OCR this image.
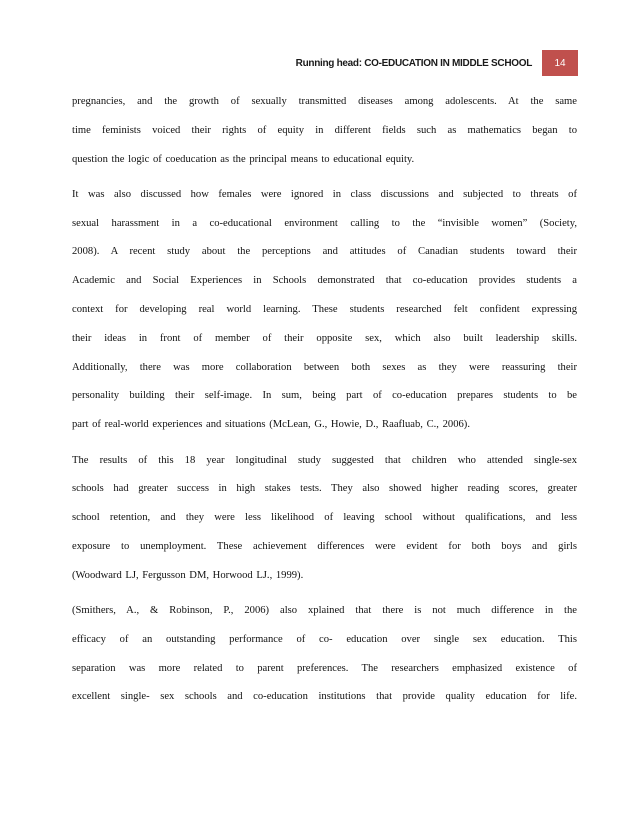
Running head: CO-EDUCATION IN MIDDLE SCHOOL	14
pregnancies, and the growth of sexually transmitted diseases among adolescents. At the same
time feminists voiced their rights of equity in different fields such as mathematics began to
question the logic of coeducation as the principal means to educational equity.
It was also discussed how females were ignored in class discussions and subjected to threats of
sexual harassment in a co-educational environment calling to the “invisible women” (Society,
2008). A recent study about the perceptions and attitudes of Canadian students toward their
Academic and Social Experiences in Schools demonstrated that co-education provides students a
context for developing real world learning. These students researched felt confident expressing
their ideas in front of member of their opposite sex, which also built leadership skills.
Additionally, there was more collaboration between both sexes as they were reassuring their
personality building their self-image. In sum, being part of co-education prepares students to be
part of real-world experiences and situations (McLean, G., Howie, D., Raafluab, C., 2006).
The results of this 18 year longitudinal study suggested that children who attended single-sex
schools had greater success in high stakes tests. They also showed higher reading scores, greater
school retention, and they were less likelihood of leaving school without qualifications, and less
exposure to unemployment. These achievement differences were evident for both boys and girls
(Woodward LJ, Fergusson DM, Horwood LJ., 1999).
(Smithers, A., & Robinson, P., 2006) also xplained that there is not much difference in the
efficacy of an outstanding performance of co- education over single sex education. This
separation was more related to parent preferences. The researchers emphasized existence of
excellent single- sex schools and co-education institutions that provide quality education for life.
